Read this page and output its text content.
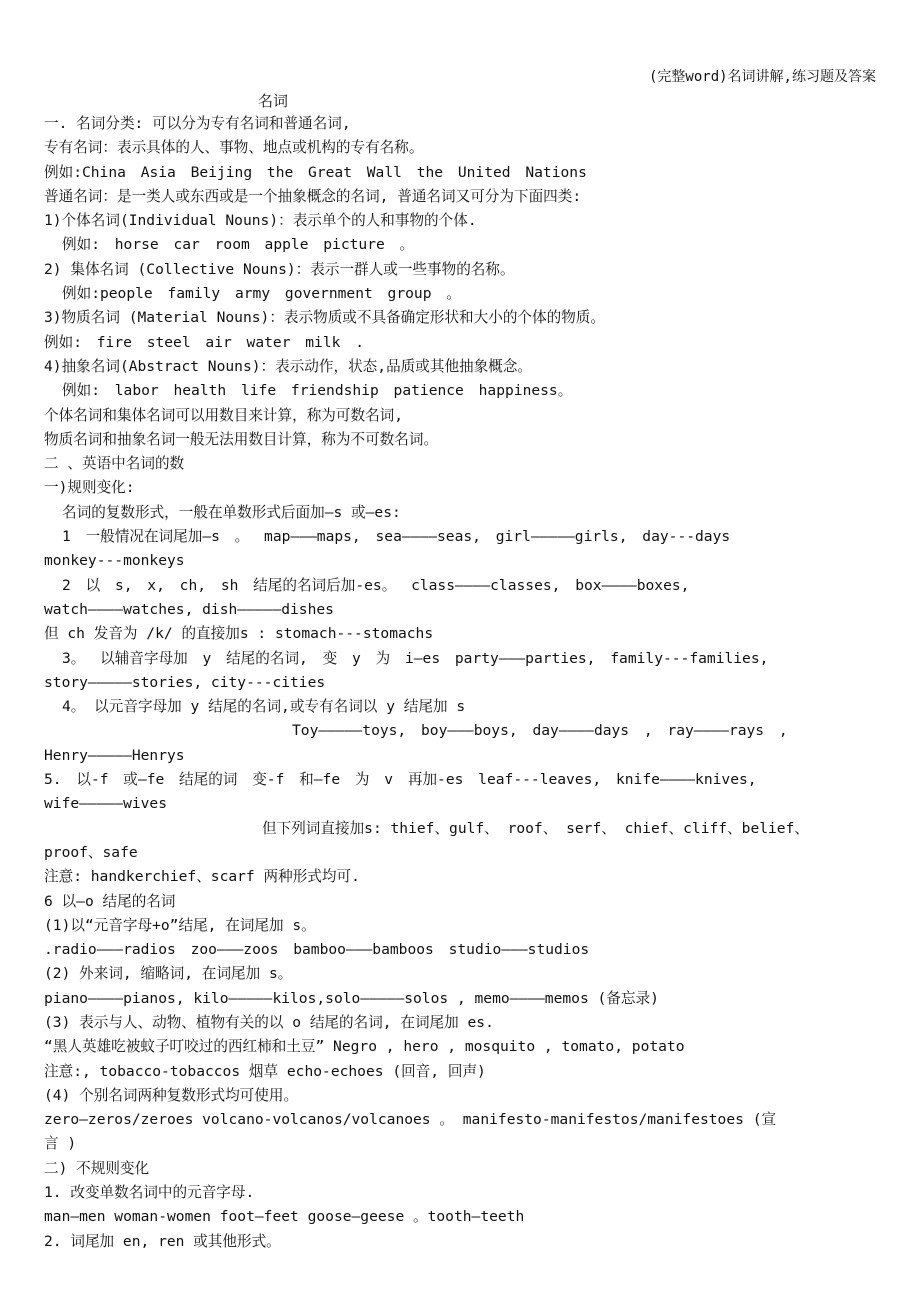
(完整word)名词讲解,练习题及答案
名词
一. 名词分类: 可以分为专有名词和普通名词,
专有名词：表示具体的人、事物、地点或机构的专有名称。
例如:China Asia Beijing the Great Wall the United Nations
普通名词：是一类人或东西或是一个抽象概念的名词, 普通名词又可分为下面四类:
1)个体名词(Individual Nouns)：表示单个的人和事物的个体.
例如: horse car room apple picture 。
2) 集体名词 (Collective Nouns)：表示一群人或一些事物的名称。
例如:people family army government group 。
3)物质名词 (Material Nouns)：表示物质或不具备确定形状和大小的个体的物质。
例如: fire steel air water milk .
4)抽象名词(Abstract Nouns)：表示动作，状态,品质或其他抽象概念。
例如: labor health life friendship patience happiness。
个体名词和集体名词可以用数目来计算，称为可数名词,
物质名词和抽象名词一般无法用数目计算，称为不可数名词。
二 、英语中名词的数
一)规则变化:
名词的复数形式，一般在单数形式后面加—s 或—es:
1 一般情况在词尾加—s 。 map———maps, sea————seas, girl—————girls, day---days
monkey---monkeys
2 以 s, x, ch, sh 结尾的名词后加-es。 class————classes, box————boxes,
watch————watches, dish—————dishes
但 ch 发音为 /k/ 的直接加s : stomach---stomachs
3。 以辅音字母加 y 结尾的名词, 变 y 为 i—es party———parties, family---families,
story—————stories, city---cities
4。 以元音字母加 y 结尾的名词,或专有名词以 y 结尾加 s
Toy—————toys, boy———boys, day————days , ray————rays ,
Henry—————Henrys
5. 以-f 或—fe 结尾的词 变-f 和—fe 为 v 再加-es leaf---leaves, knife————knives,
wife—————wives
但下列词直接加s: thief、gulf、 roof、 serf、 chief、cliff、belief、
proof、safe
注意: handkerchief、scarf 两种形式均可.
6 以—o 结尾的名词
(1)以“元音字母+o”结尾, 在词尾加 s。
.radio———radios zoo———zoos bamboo———bamboos studio———studios
(2) 外来词, 缩略词, 在词尾加 s。
piano————pianos, kilo—————kilos,solo—————solos , memo————memos (备忘录)
(3) 表示与人、动物、植物有关的以 o 结尾的名词, 在词尾加 es.
“黑人英雄吃被蚊子叮咬过的西红柿和土豆” Negro , hero , mosquito , tomato, potato
注意:, tobacco-tobaccos 烟草 echo-echoes (回音, 回声)
(4) 个别名词两种复数形式均可使用。
zero—zeros/zeroes volcano-volcanos/volcanoes 。 manifesto-manifestos/manifestoes (宣
言 )
二) 不规则变化
1. 改变单数名词中的元音字母.
man—men woman-women foot—feet goose—geese 。tooth—teeth
2. 词尾加 en, ren 或其他形式。
